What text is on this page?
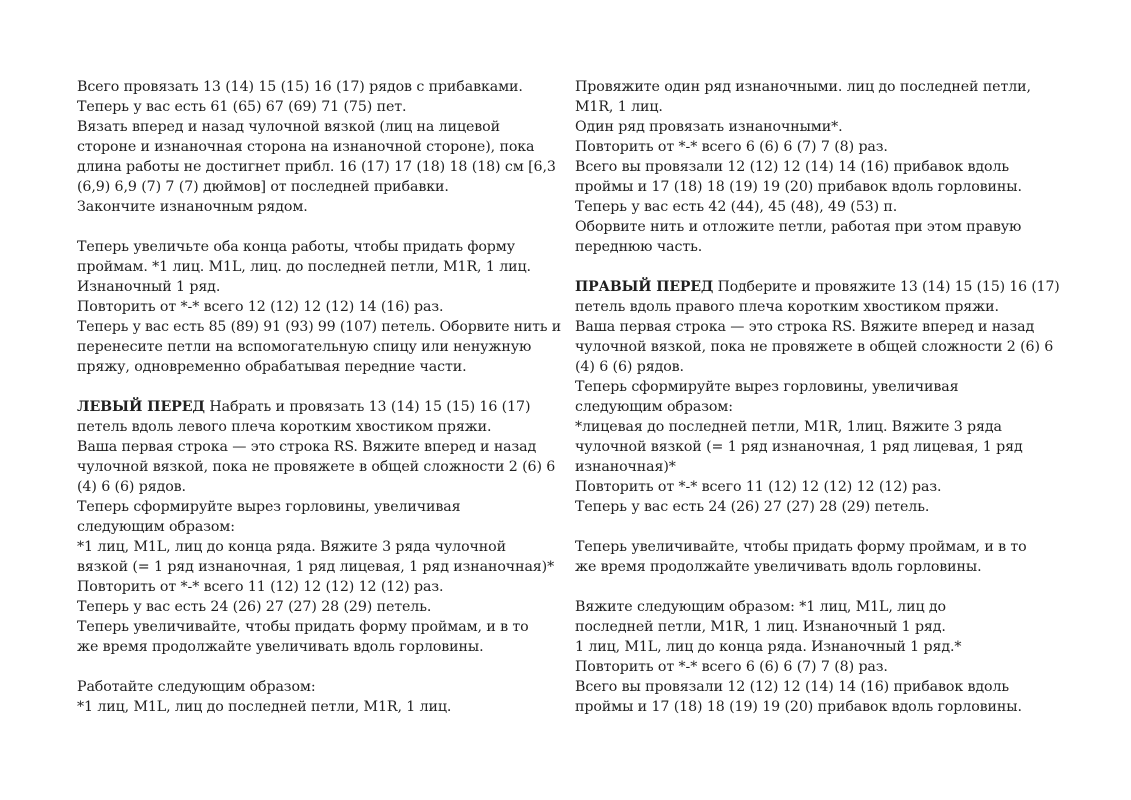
Всего провязать 13 (14) 15 (15) 16 (17) рядов с прибавками.
Теперь у вас есть 61 (65) 67 (69) 71 (75) пет.
Вязать вперед и назад чулочной вязкой (лиц на лицевой
стороне и изнаночная сторона на изнаночной стороне), пока
длина работы не достигнет прибл. 16 (17) 17 (18) 18 (18) см [6,3
(6,9) 6,9 (7) 7 (7) дюймов] от последней прибавки.
Закончите изнаночным рядом.
Теперь увеличьте оба конца работы, чтобы придать форму
проймам. *1 лиц. M1L, лиц. до последней петли, M1R, 1 лиц.
Изнаночный 1 ряд.
Повторить от *-* всего 12 (12) 12 (12) 14 (16) раз.
Теперь у вас есть 85 (89) 91 (93) 99 (107) петель. Оборвите нить и
перенесите петли на вспомогательную спицу или ненужную
пряжу, одновременно обрабатывая передние части.
ЛЕВЫЙ ПЕРЕД Набрать и провязать 13 (14) 15 (15) 16 (17)
петель вдоль левого плеча коротким хвостиком пряжи.
Ваша первая строка — это строка RS. Вяжите вперед и назад
чулочной вязкой, пока не провяжете в общей сложности 2 (6) 6
(4) 6 (6) рядов.
Теперь сформируйте вырез горловины, увеличивая
следующим образом:
*1 лиц, M1L, лиц до конца ряда. Вяжите 3 ряда чулочной
вязкой (= 1 ряд изнаночная, 1 ряд лицевая, 1 ряд изнаночная)*
Повторить от *-* всего 11 (12) 12 (12) 12 (12) раз.
Теперь у вас есть 24 (26) 27 (27) 28 (29) петель.
Теперь увеличивайте, чтобы придать форму проймам, и в то
же время продолжайте увеличивать вдоль горловины.
Работайте следующим образом:
*1 лиц, M1L, лиц до последней петли, M1R, 1 лиц.
Провяжите один ряд изнаночными. лиц до последней петли,
M1R, 1 лиц.
Один ряд провязать изнаночными*.
Повторить от *-* всего 6 (6) 6 (7) 7 (8) раз.
Всего вы провязали 12 (12) 12 (14) 14 (16) прибавок вдоль
проймы и 17 (18) 18 (19) 19 (20) прибавок вдоль горловины.
Теперь у вас есть 42 (44), 45 (48), 49 (53) п.
Оборвите нить и отложите петли, работая при этом правую
переднюю часть.
ПРАВЫЙ ПЕРЕД Подберите и провяжите 13 (14) 15 (15) 16 (17)
петель вдоль правого плеча коротким хвостиком пряжи.
Ваша первая строка — это строка RS. Вяжите вперед и назад
чулочной вязкой, пока не провяжете в общей сложности 2 (6) 6
(4) 6 (6) рядов.
Теперь сформируйте вырез горловины, увеличивая
следующим образом:
*лицевая до последней петли, M1R, 1лиц. Вяжите 3 ряда
чулочной вязкой (= 1 ряд изнаночная, 1 ряд лицевая, 1 ряд
изнаночная)*
Повторить от *-* всего 11 (12) 12 (12) 12 (12) раз.
Теперь у вас есть 24 (26) 27 (27) 28 (29) петель.
Теперь увеличивайте, чтобы придать форму проймам, и в то
же время продолжайте увеличивать вдоль горловины.
Вяжите следующим образом: *1 лиц, M1L, лиц до
последней петли, M1R, 1 лиц. Изнаночный 1 ряд.
1 лиц, M1L, лиц до конца ряда. Изнаночный 1 ряд.*
Повторить от *-* всего 6 (6) 6 (7) 7 (8) раз.
Всего вы провязали 12 (12) 12 (14) 14 (16) прибавок вдоль
проймы и 17 (18) 18 (19) 19 (20) прибавок вдоль горловины.
